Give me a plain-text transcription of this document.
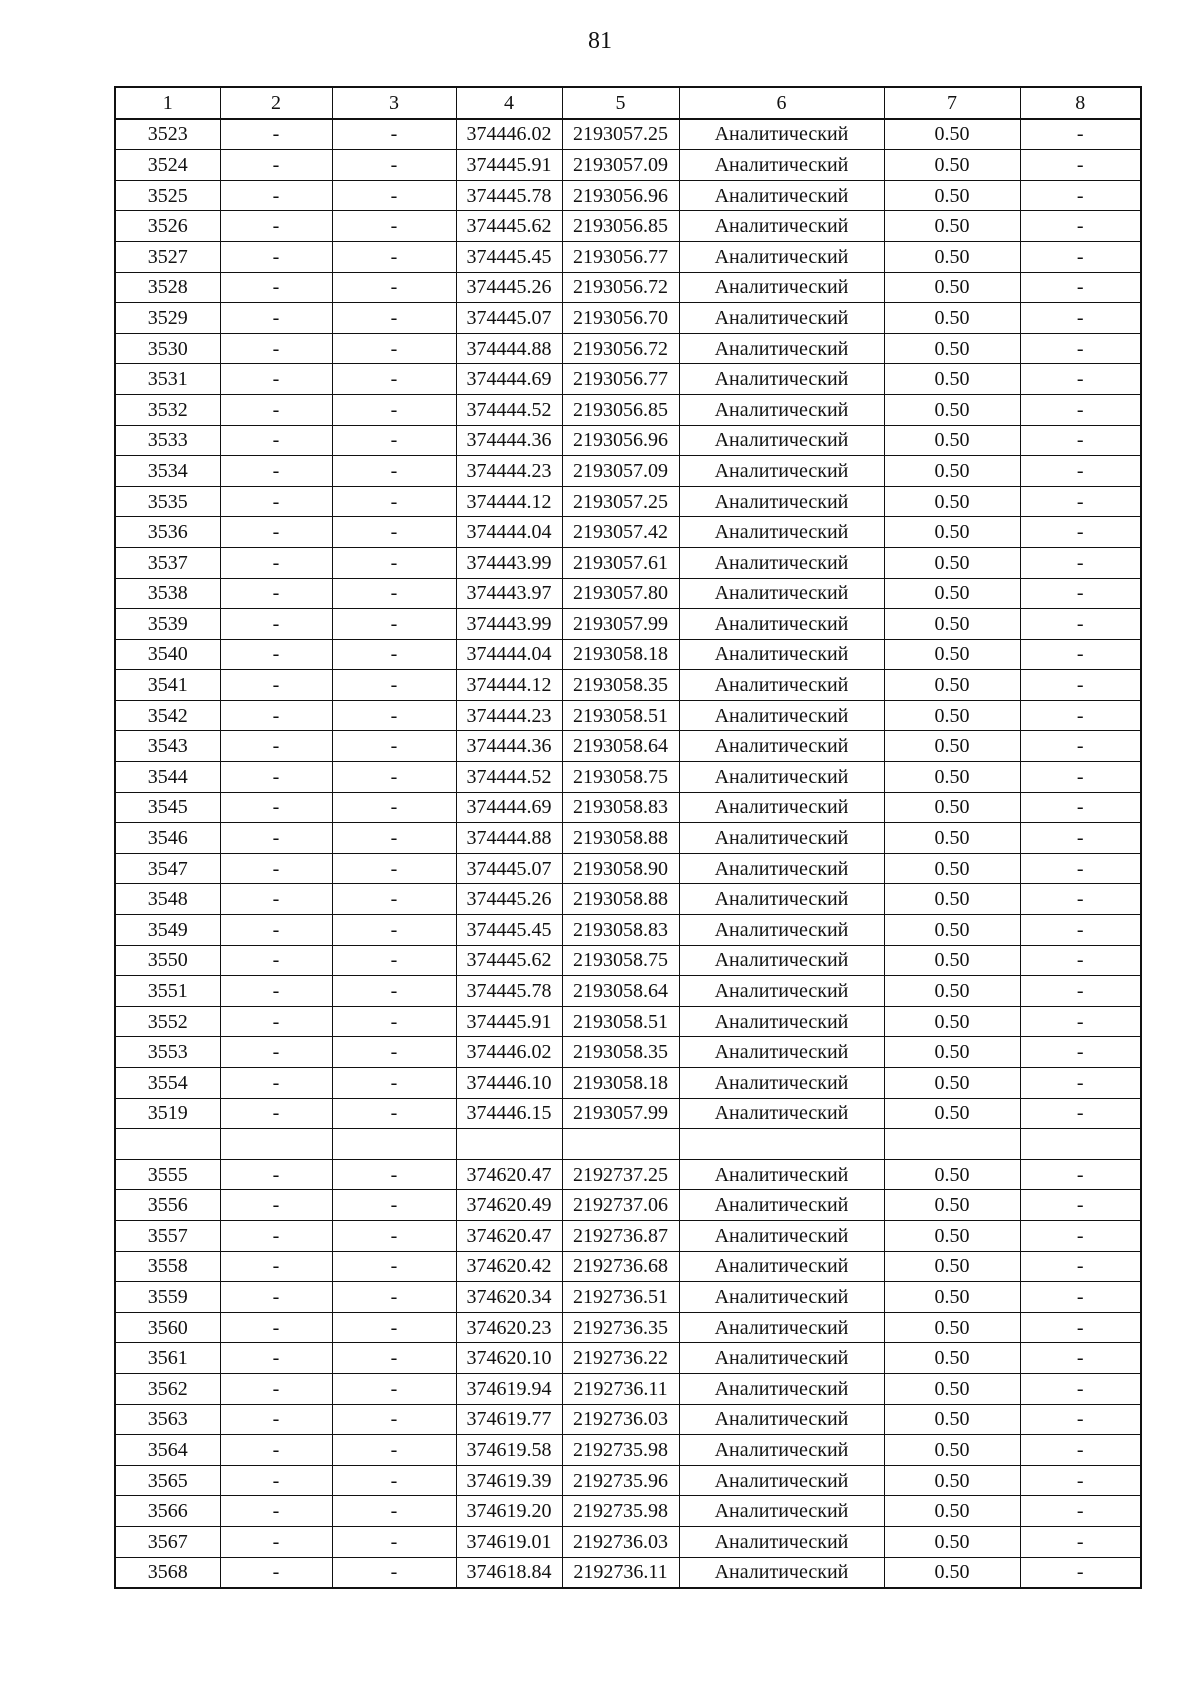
81
1	2	3	4	5	6	7	8
3523	-	-	374446.02	2193057.25	Аналитический	0.50	-
3524	-	-	374445.91	2193057.09	Аналитический	0.50	-
3525	-	-	374445.78	2193056.96	Аналитический	0.50	-
3526	-	-	374445.62	2193056.85	Аналитический	0.50	-
3527	-	-	374445.45	2193056.77	Аналитический	0.50	-
3528	-	-	374445.26	2193056.72	Аналитический	0.50	-
3529	-	-	374445.07	2193056.70	Аналитический	0.50	-
3530	-	-	374444.88	2193056.72	Аналитический	0.50	-
3531	-	-	374444.69	2193056.77	Аналитический	0.50	-
3532	-	-	374444.52	2193056.85	Аналитический	0.50	-
3533	-	-	374444.36	2193056.96	Аналитический	0.50	-
3534	-	-	374444.23	2193057.09	Аналитический	0.50	-
3535	-	-	374444.12	2193057.25	Аналитический	0.50	-
3536	-	-	374444.04	2193057.42	Аналитический	0.50	-
3537	-	-	374443.99	2193057.61	Аналитический	0.50	-
3538	-	-	374443.97	2193057.80	Аналитический	0.50	-
3539	-	-	374443.99	2193057.99	Аналитический	0.50	-
3540	-	-	374444.04	2193058.18	Аналитический	0.50	-
3541	-	-	374444.12	2193058.35	Аналитический	0.50	-
3542	-	-	374444.23	2193058.51	Аналитический	0.50	-
3543	-	-	374444.36	2193058.64	Аналитический	0.50	-
3544	-	-	374444.52	2193058.75	Аналитический	0.50	-
3545	-	-	374444.69	2193058.83	Аналитический	0.50	-
3546	-	-	374444.88	2193058.88	Аналитический	0.50	-
3547	-	-	374445.07	2193058.90	Аналитический	0.50	-
3548	-	-	374445.26	2193058.88	Аналитический	0.50	-
3549	-	-	374445.45	2193058.83	Аналитический	0.50	-
3550	-	-	374445.62	2193058.75	Аналитический	0.50	-
3551	-	-	374445.78	2193058.64	Аналитический	0.50	-
3552	-	-	374445.91	2193058.51	Аналитический	0.50	-
3553	-	-	374446.02	2193058.35	Аналитический	0.50	-
3554	-	-	374446.10	2193058.18	Аналитический	0.50	-
3519	-	-	374446.15	2193057.99	Аналитический	0.50	-

3555	-	-	374620.47	2192737.25	Аналитический	0.50	-
3556	-	-	374620.49	2192737.06	Аналитический	0.50	-
3557	-	-	374620.47	2192736.87	Аналитический	0.50	-
3558	-	-	374620.42	2192736.68	Аналитический	0.50	-
3559	-	-	374620.34	2192736.51	Аналитический	0.50	-
3560	-	-	374620.23	2192736.35	Аналитический	0.50	-
3561	-	-	374620.10	2192736.22	Аналитический	0.50	-
3562	-	-	374619.94	2192736.11	Аналитический	0.50	-
3563	-	-	374619.77	2192736.03	Аналитический	0.50	-
3564	-	-	374619.58	2192735.98	Аналитический	0.50	-
3565	-	-	374619.39	2192735.96	Аналитический	0.50	-
3566	-	-	374619.20	2192735.98	Аналитический	0.50	-
3567	-	-	374619.01	2192736.03	Аналитический	0.50	-
3568	-	-	374618.84	2192736.11	Аналитический	0.50	-
